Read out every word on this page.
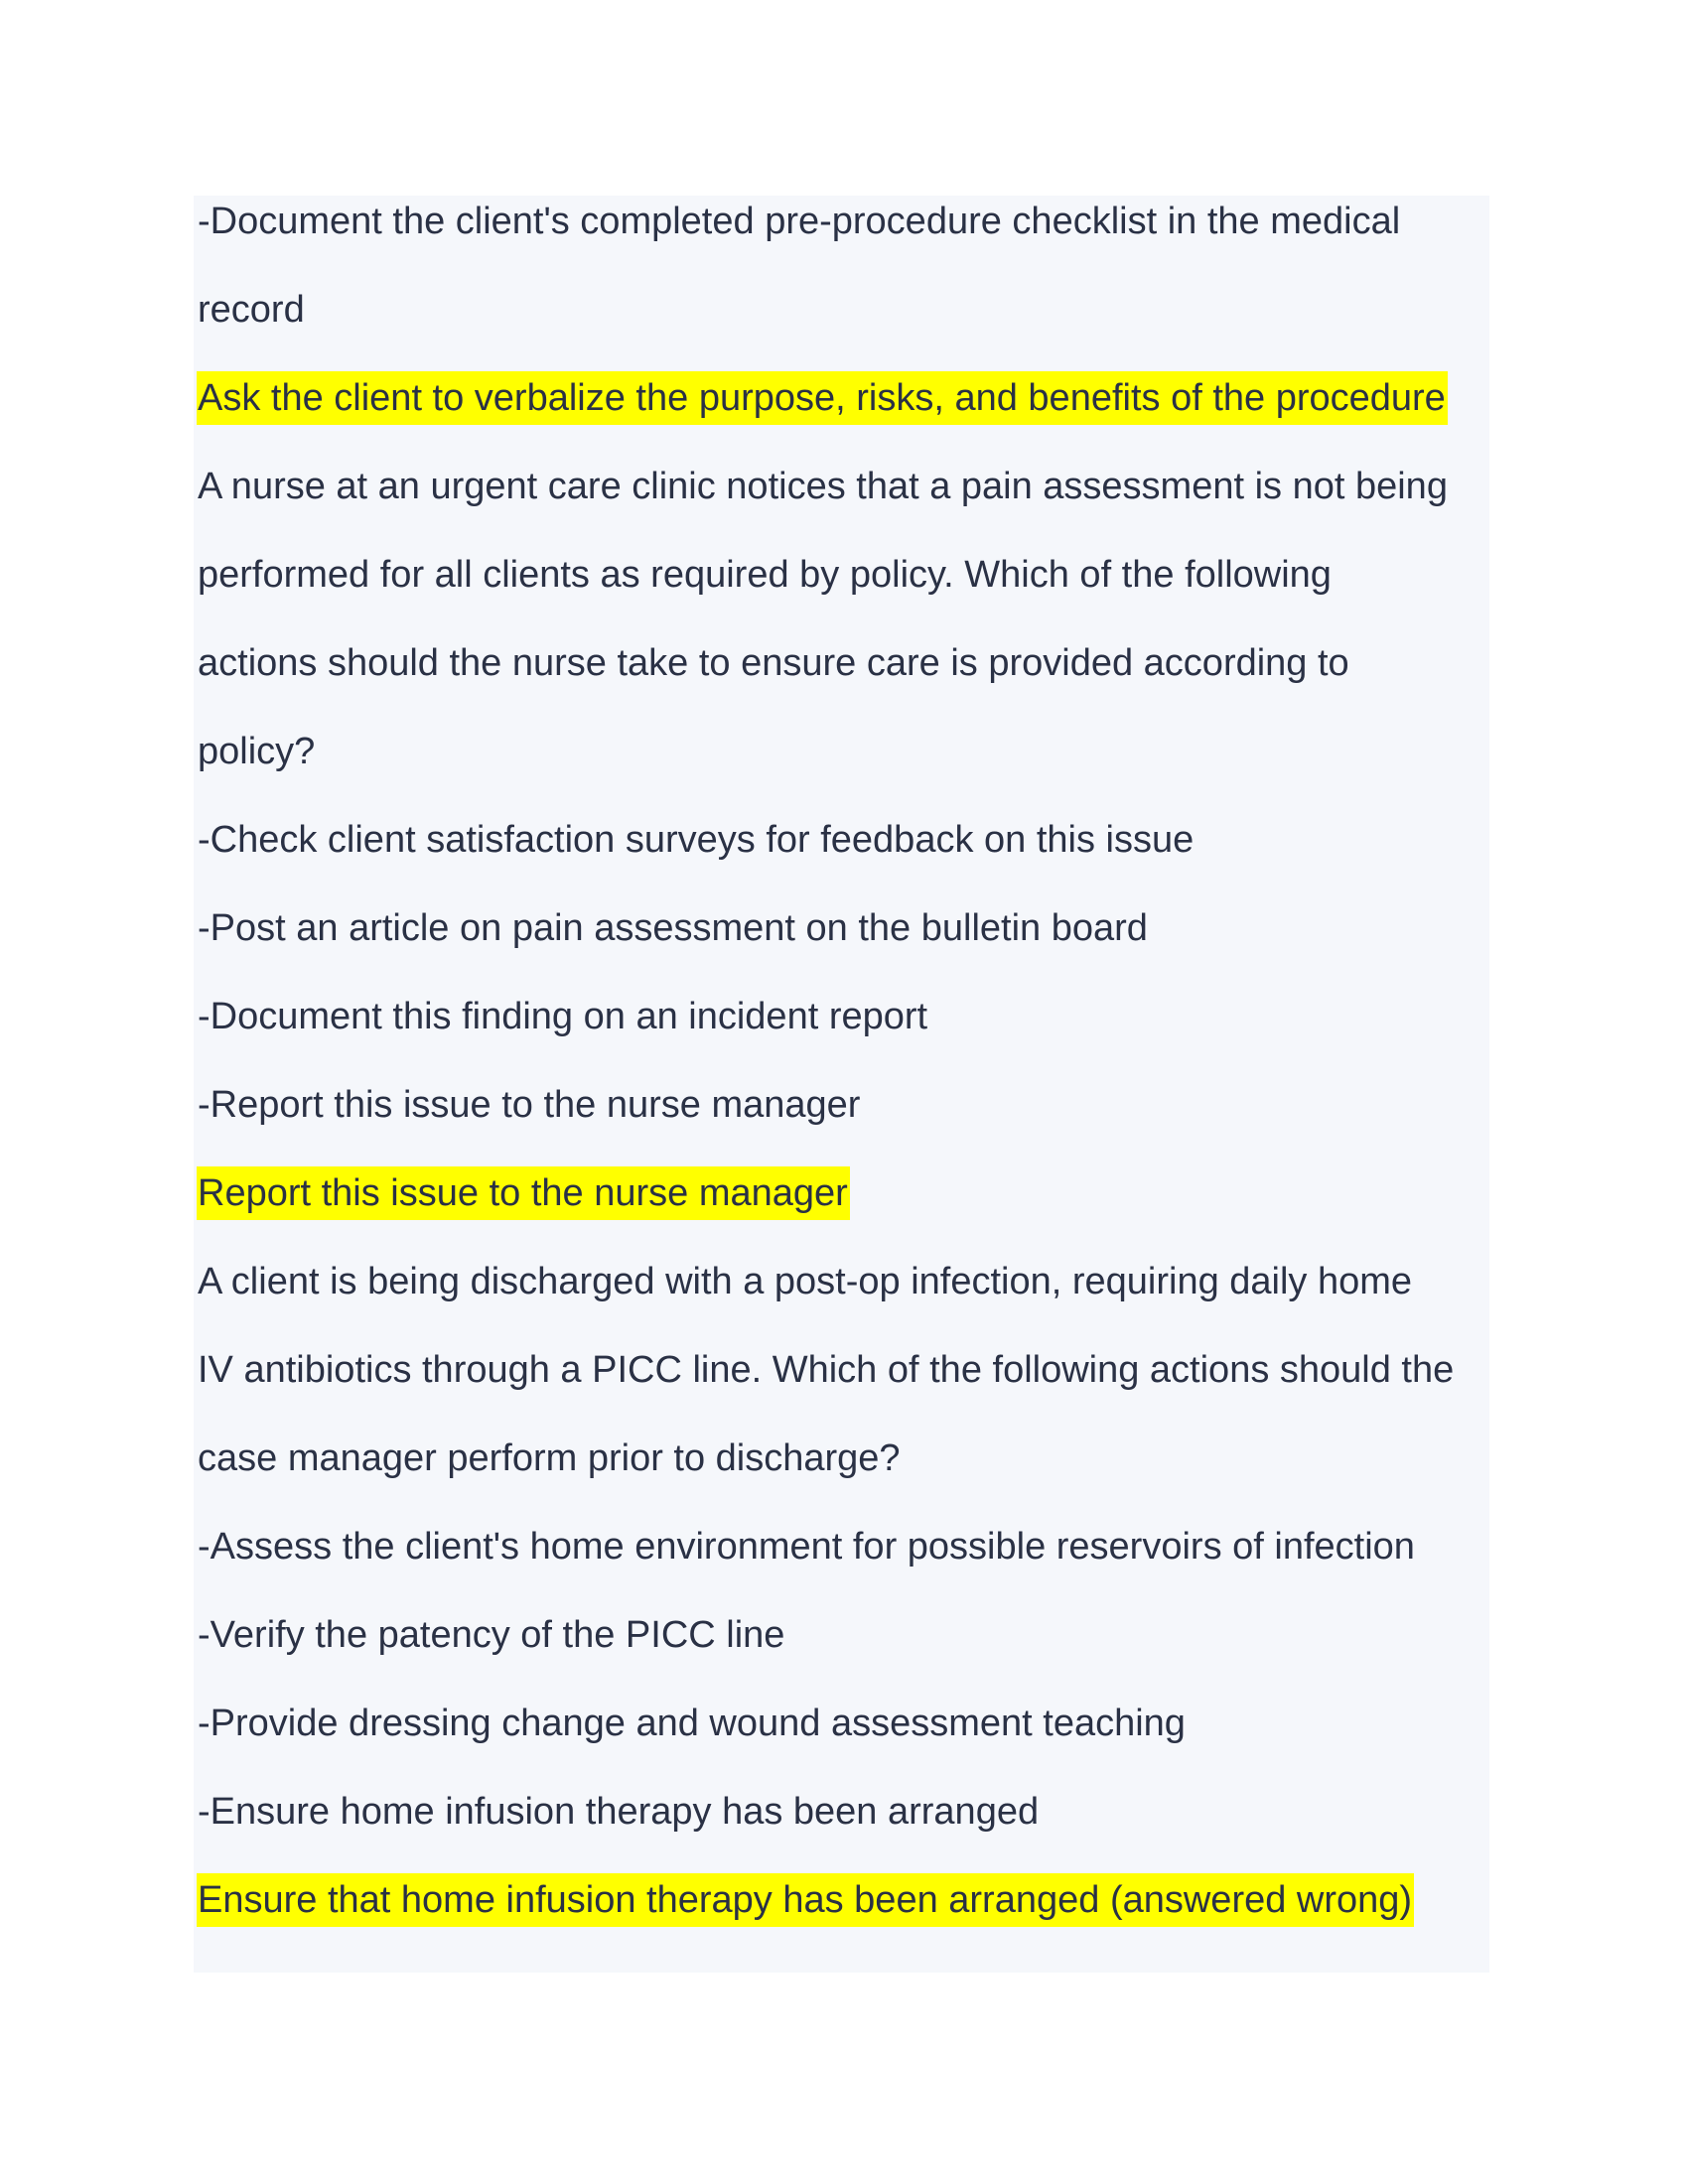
-Document the client's completed pre-procedure checklist in the medical
record
Ask the client to verbalize the purpose, risks, and benefits of the procedure
A nurse at an urgent care clinic notices that a pain assessment is not being
performed for all clients as required by policy. Which of the following
actions should the nurse take to ensure care is provided according to
policy?
-Check client satisfaction surveys for feedback on this issue
-Post an article on pain assessment on the bulletin board
-Document this finding on an incident report
-Report this issue to the nurse manager
Report this issue to the nurse manager
A client is being discharged with a post-op infection, requiring daily home
IV antibiotics through a PICC line. Which of the following actions should the
case manager perform prior to discharge?
-Assess the client's home environment for possible reservoirs of infection
-Verify the patency of the PICC line
-Provide dressing change and wound assessment teaching
-Ensure home infusion therapy has been arranged
Ensure that home infusion therapy has been arranged (answered wrong)
